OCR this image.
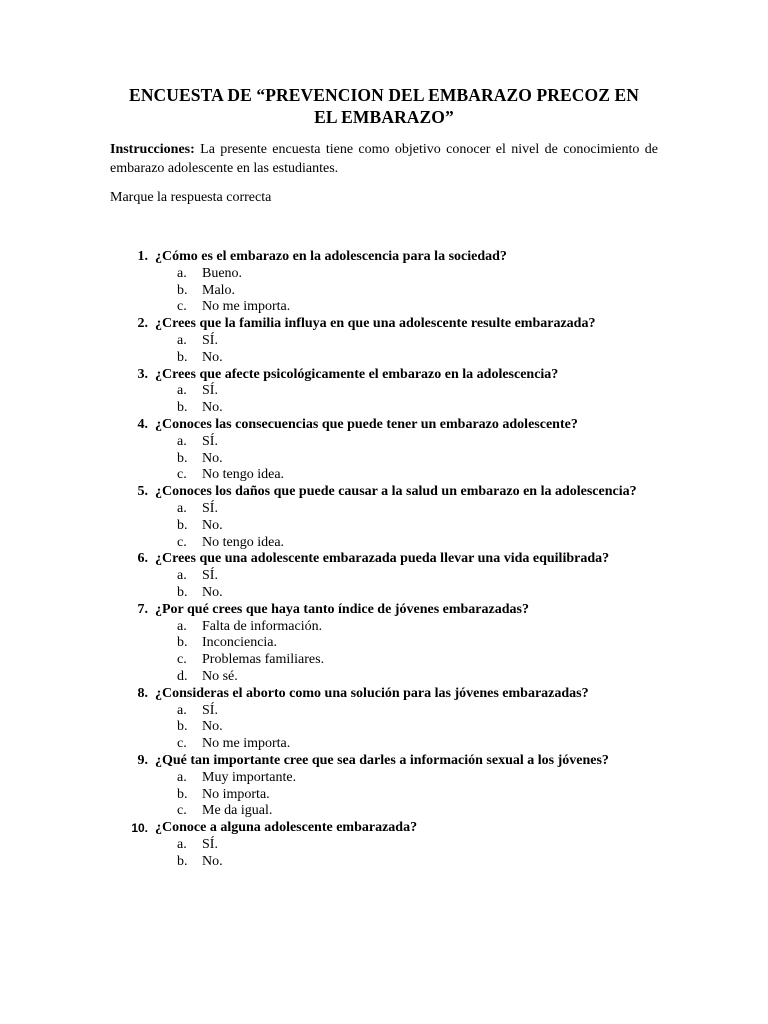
ENCUESTA DE “PREVENCION DEL EMBARAZO PRECOZ EN
EL EMBARAZO”

Instrucciones: La presente encuesta tiene como objetivo conocer el nivel de conocimiento de embarazo adolescente en las estudiantes.

Marque la respuesta correcta

1. ¿Cómo es el embarazo en la adolescencia para la sociedad?
a. Bueno.
b. Malo.
c. No me importa.
2. ¿Crees que la familia influya en que una adolescente resulte embarazada?
a. SÍ.
b. No.
3. ¿Crees que afecte psicológicamente el embarazo en la adolescencia?
a. SÍ.
b. No.
4. ¿Conoces las consecuencias que puede tener un embarazo adolescente?
a. SÍ.
b. No.
c. No tengo idea.
5. ¿Conoces los daños que puede causar a la salud un embarazo en la adolescencia?
a. SÍ.
b. No.
c. No tengo idea.
6. ¿Crees que una adolescente embarazada pueda llevar una vida equilibrada?
a. SÍ.
b. No.
7. ¿Por qué crees que haya tanto índice de jóvenes embarazadas?
a. Falta de información.
b. Inconciencia.
c. Problemas familiares.
d. No sé.
8. ¿Consideras el aborto como una solución para las jóvenes embarazadas?
a. SÍ.
b. No.
c. No me importa.
9. ¿Qué tan importante cree que sea darles a información sexual a los jóvenes?
a. Muy importante.
b. No importa.
c. Me da igual.
10. ¿Conoce a alguna adolescente embarazada?
a. SÍ.
b. No.
